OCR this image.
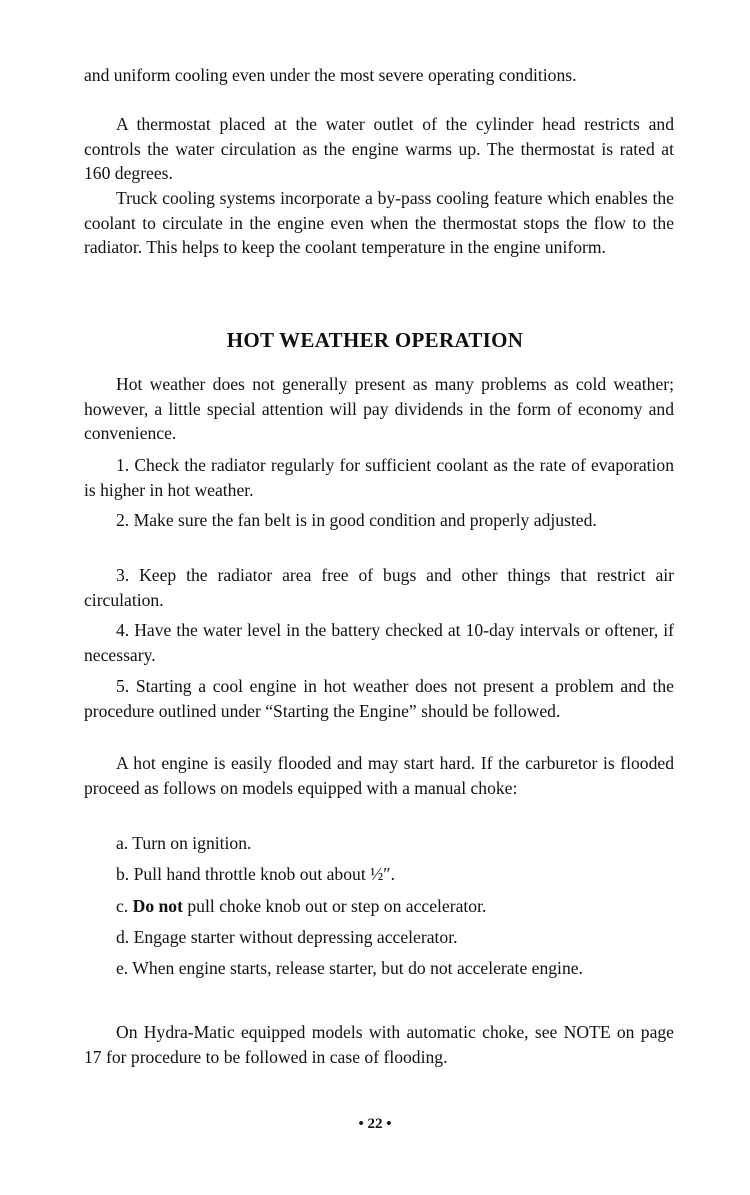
and uniform cooling even under the most severe operating conditions.
A thermostat placed at the water outlet of the cylinder head restricts and controls the water circulation as the engine warms up. The thermostat is rated at 160 degrees.
Truck cooling systems incorporate a by-pass cooling feature which enables the coolant to circulate in the engine even when the thermostat stops the flow to the radiator. This helps to keep the coolant temperature in the engine uniform.
HOT WEATHER OPERATION
Hot weather does not generally present as many problems as cold weather; however, a little special attention will pay dividends in the form of economy and convenience.
1. Check the radiator regularly for sufficient coolant as the rate of evaporation is higher in hot weather.
2. Make sure the fan belt is in good condition and properly adjusted.
3. Keep the radiator area free of bugs and other things that restrict air circulation.
4. Have the water level in the battery checked at 10-day intervals or oftener, if necessary.
5. Starting a cool engine in hot weather does not present a problem and the procedure outlined under “Starting the Engine” should be followed.
A hot engine is easily flooded and may start hard. If the carburetor is flooded proceed as follows on models equipped with a manual choke:
a. Turn on ignition.
b. Pull hand throttle knob out about ½″.
c. Do not pull choke knob out or step on accelerator.
d. Engage starter without depressing accelerator.
e. When engine starts, release starter, but do not accelerate engine.
On Hydra-Matic equipped models with automatic choke, see NOTE on page 17 for procedure to be followed in case of flooding.
• 22 •
